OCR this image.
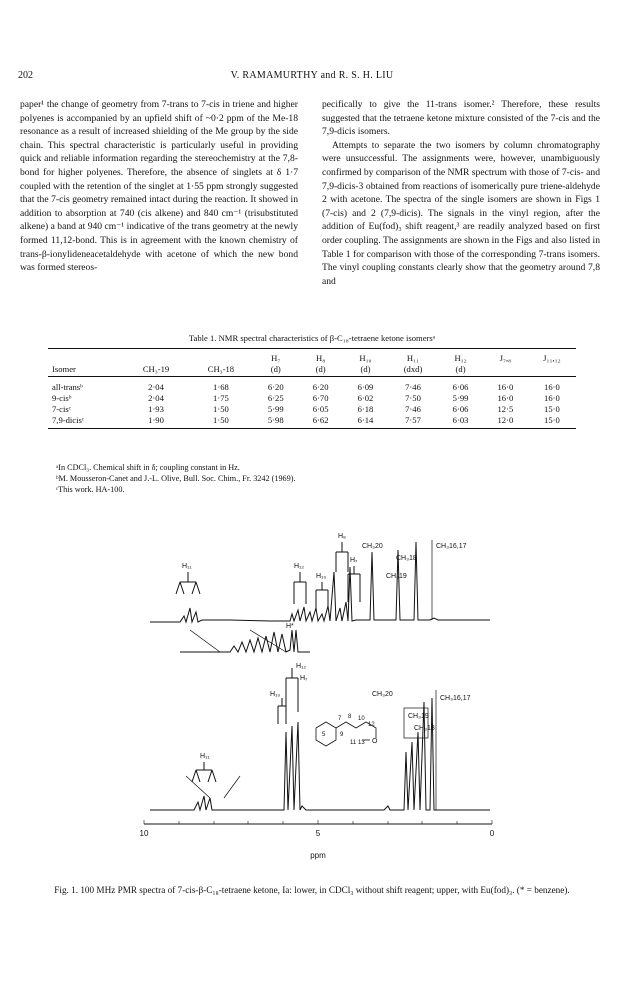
202	V. RAMAMURTHY and R. S. H. LIU

paper¹ the change of geometry from 7-trans to 7-cis in triene and higher polyenes is accompanied by an upfield shift of ~0·2 ppm of the Me-18 resonance as a result of increased shielding of the Me group by the side chain. This spectral characteristic is particularly useful in providing quick and reliable information regarding the stereochemistry at the 7,8-bond for higher polyenes. Therefore, the absence of singlets at δ 1·7 coupled with the retention of the singlet at 1·55 ppm strongly suggested that the 7-cis geometry remained intact during the reaction. It showed in addition to absorption at 740 (cis alkene) and 840 cm⁻¹ (trisubstituted alkene) a band at 940 cm⁻¹ indicative of the trans geometry at the newly formed 11,12-bond. This is in agreement with the known chemistry of trans-β-ionylideneacetaldehyde with acetone of which the new bond was formed stereos-

pecifically to give the 11-trans isomer.² Therefore, these results suggested that the tetraene ketone mixture consisted of the 7-cis and the 7,9-dicis isomers.

Attempts to separate the two isomers by column chromatography were unsuccessful. The assignments were, however, unambiguously confirmed by comparison of the NMR spectrum with those of 7-cis- and 7,9-dicis-3 obtained from reactions of isomerically pure triene-aldehyde 2 with acetone. The spectra of the single isomers are shown in Figs 1 (7-cis) and 2 (7,9-dicis). The signals in the vinyl region, after the addition of Eu(fod)₃ shift reagent,³ are readily analyzed based on first order coupling. The assignments are shown in the Figs and also listed in Table 1 for comparison with those of the corresponding 7-trans isomers. The vinyl coupling constants clearly show that the geometry around 7,8 and

Table 1. NMR spectral characteristics of β-C₁₈-tetraene ketone isomersᵃ
			H₇	H₈	H₁₀	H₁₁	H₁₂	J₇,₈	J₁₁,₁₂
Isomer	CH₃-19	CH₃-18	(d)	(d)	(d)	(dxd)	(d)		
all-transᵇ	2·04	1·68	6·20	6·20	6·09	7·46	6·06	16·0	16·0
9-cisᵇ	2·04	1·75	6·25	6·70	6·02	7·50	5·99	16·0	16·0
7-cisᶜ	1·93	1·50	5·99	6·05	6·18	7·46	6·06	12·5	15·0
7,9-dicisᶜ	1·90	1·50	5·98	6·62	6·14	7·57	6·03	12·0	15·0
ᵃIn CDCl₃. Chemical shift in δ; coupling constant in Hz.
ᵇM. Mousseron-Canet and J.-L. Olive, Bull. Soc. Chim., Fr. 3242 (1969).
ᶜThis work. HA-100.
H₈
H₁₁	H₁₂
H₁₀
H₇
CH₃20
CH₃18
CH₃19
CH₃16,17
H*
H₁₂
H₇
H₁₁
H₁₀	CH₃20
CH₃19
CH₃18
CH₃16,17
7 8
9
10
5
11
12
13 O
10	5	0
ppm
Fig. 1. 100 MHz PMR spectra of 7-cis-β-C₁₈-tetraene ketone, Ia: lower, in CDCl₃ without shift reagent; upper, with Eu(fod)₃. (* = benzene).
